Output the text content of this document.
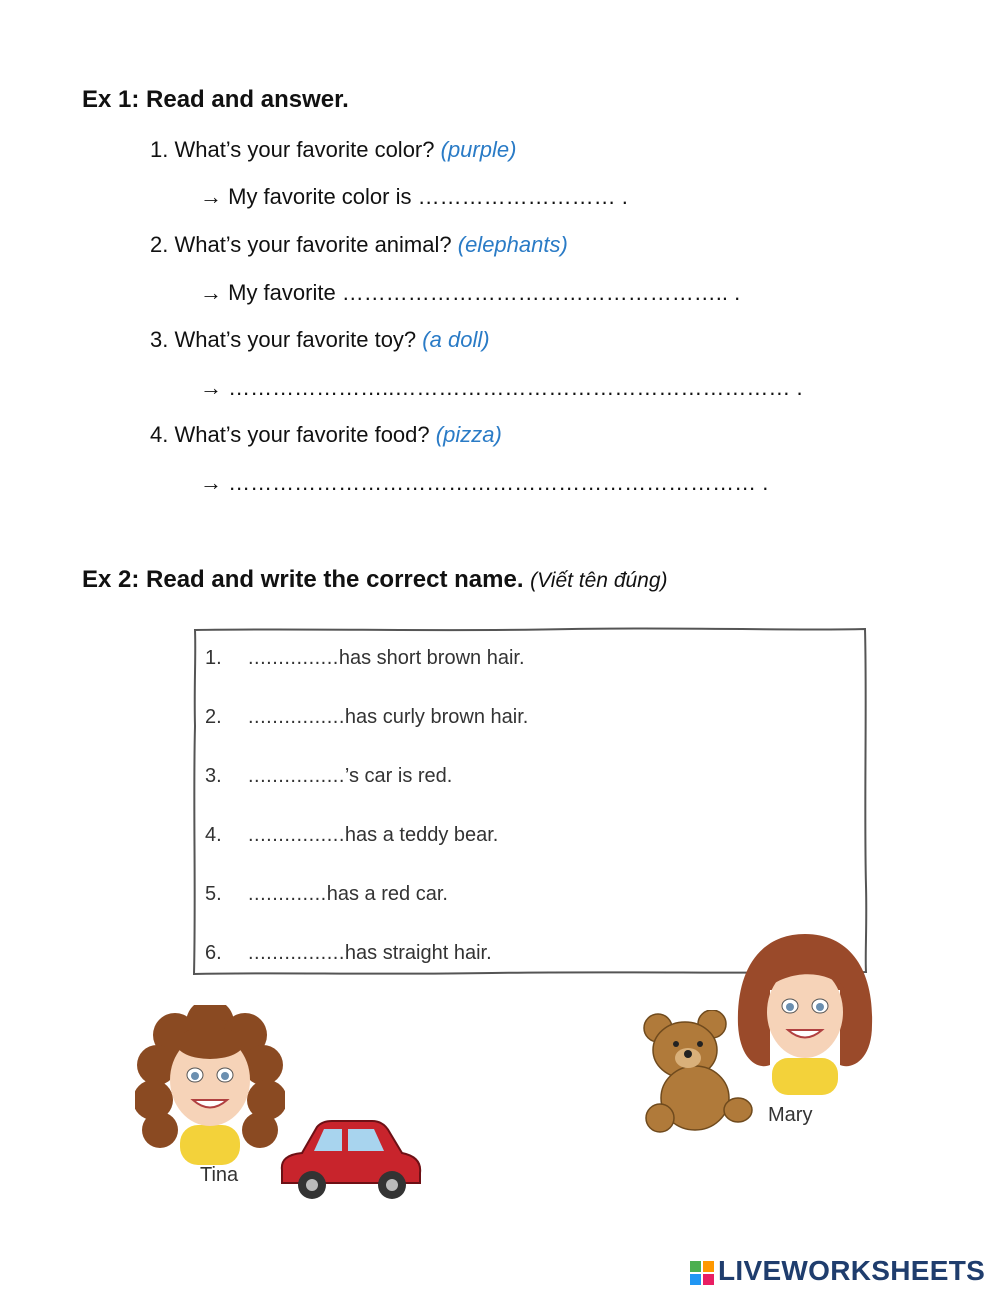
Ex 1: Read and answer.
1. What’s your favorite color? (purple)
→ My favorite color is ……………………… .
2. What’s your favorite animal? (elephants)
→ My favorite …………………………………………….. .
3. What’s your favorite toy? (a doll)
→ …………………..……………………………………………… .
4. What’s your favorite food? (pizza)
→ ……………………………………………………………… .
Ex 2: Read and write the correct name. (Viết tên đúng)
1. ...............has short brown hair.
2. ................has curly brown hair.
3. ................’s car is red.
4. ................has a teddy bear.
5. .............has a red car.
6. ................has straight hair.
Tina
Mary
LIVEWORKSHEETS
